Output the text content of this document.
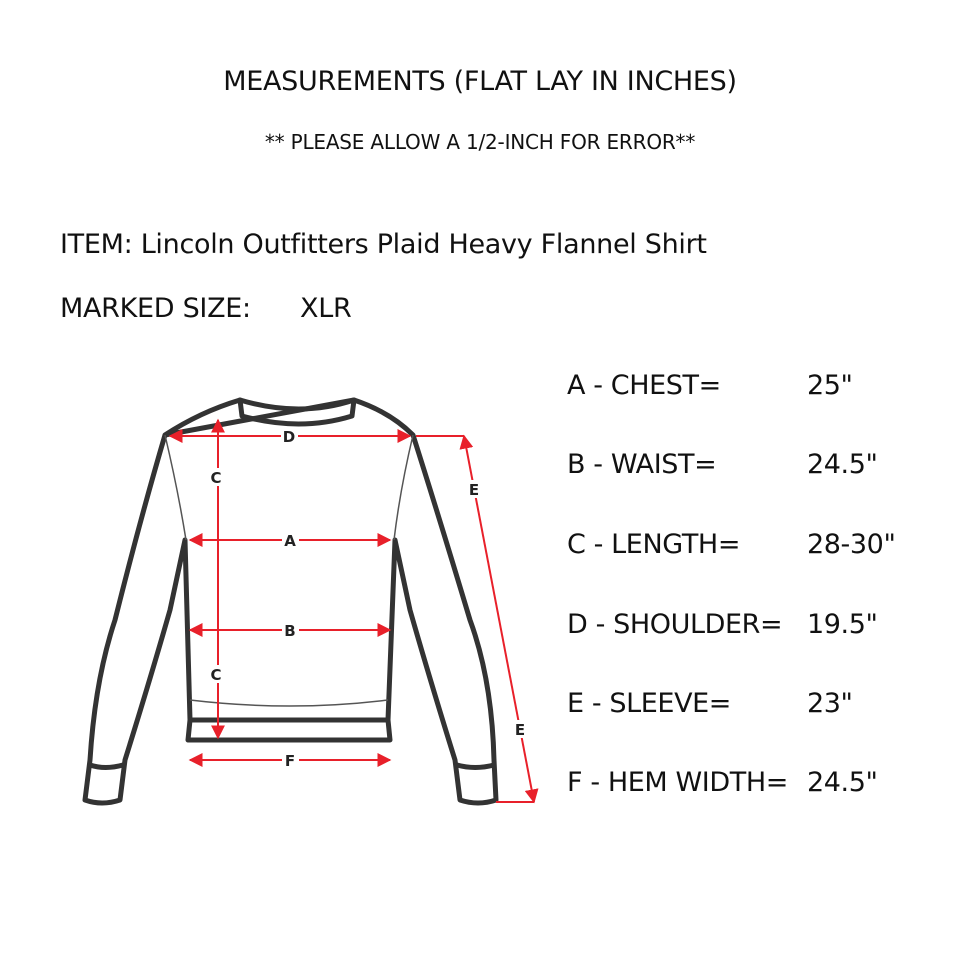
MEASUREMENTS (FLAT LAY IN INCHES)
** PLEASE ALLOW A 1/2-INCH FOR ERROR**
ITEM: Lincoln Outfitters Plaid Heavy Flannel Shirt
MARKED SIZE: XLR
D
A
B
F
C
C
E
E
A - CHEST=	25"
B - WAIST=	24.5"
C - LENGTH= 28-30"
D - SHOULDER= 19.5"
E - SLEEVE=	23"
F - HEM WIDTH= 24.5"
